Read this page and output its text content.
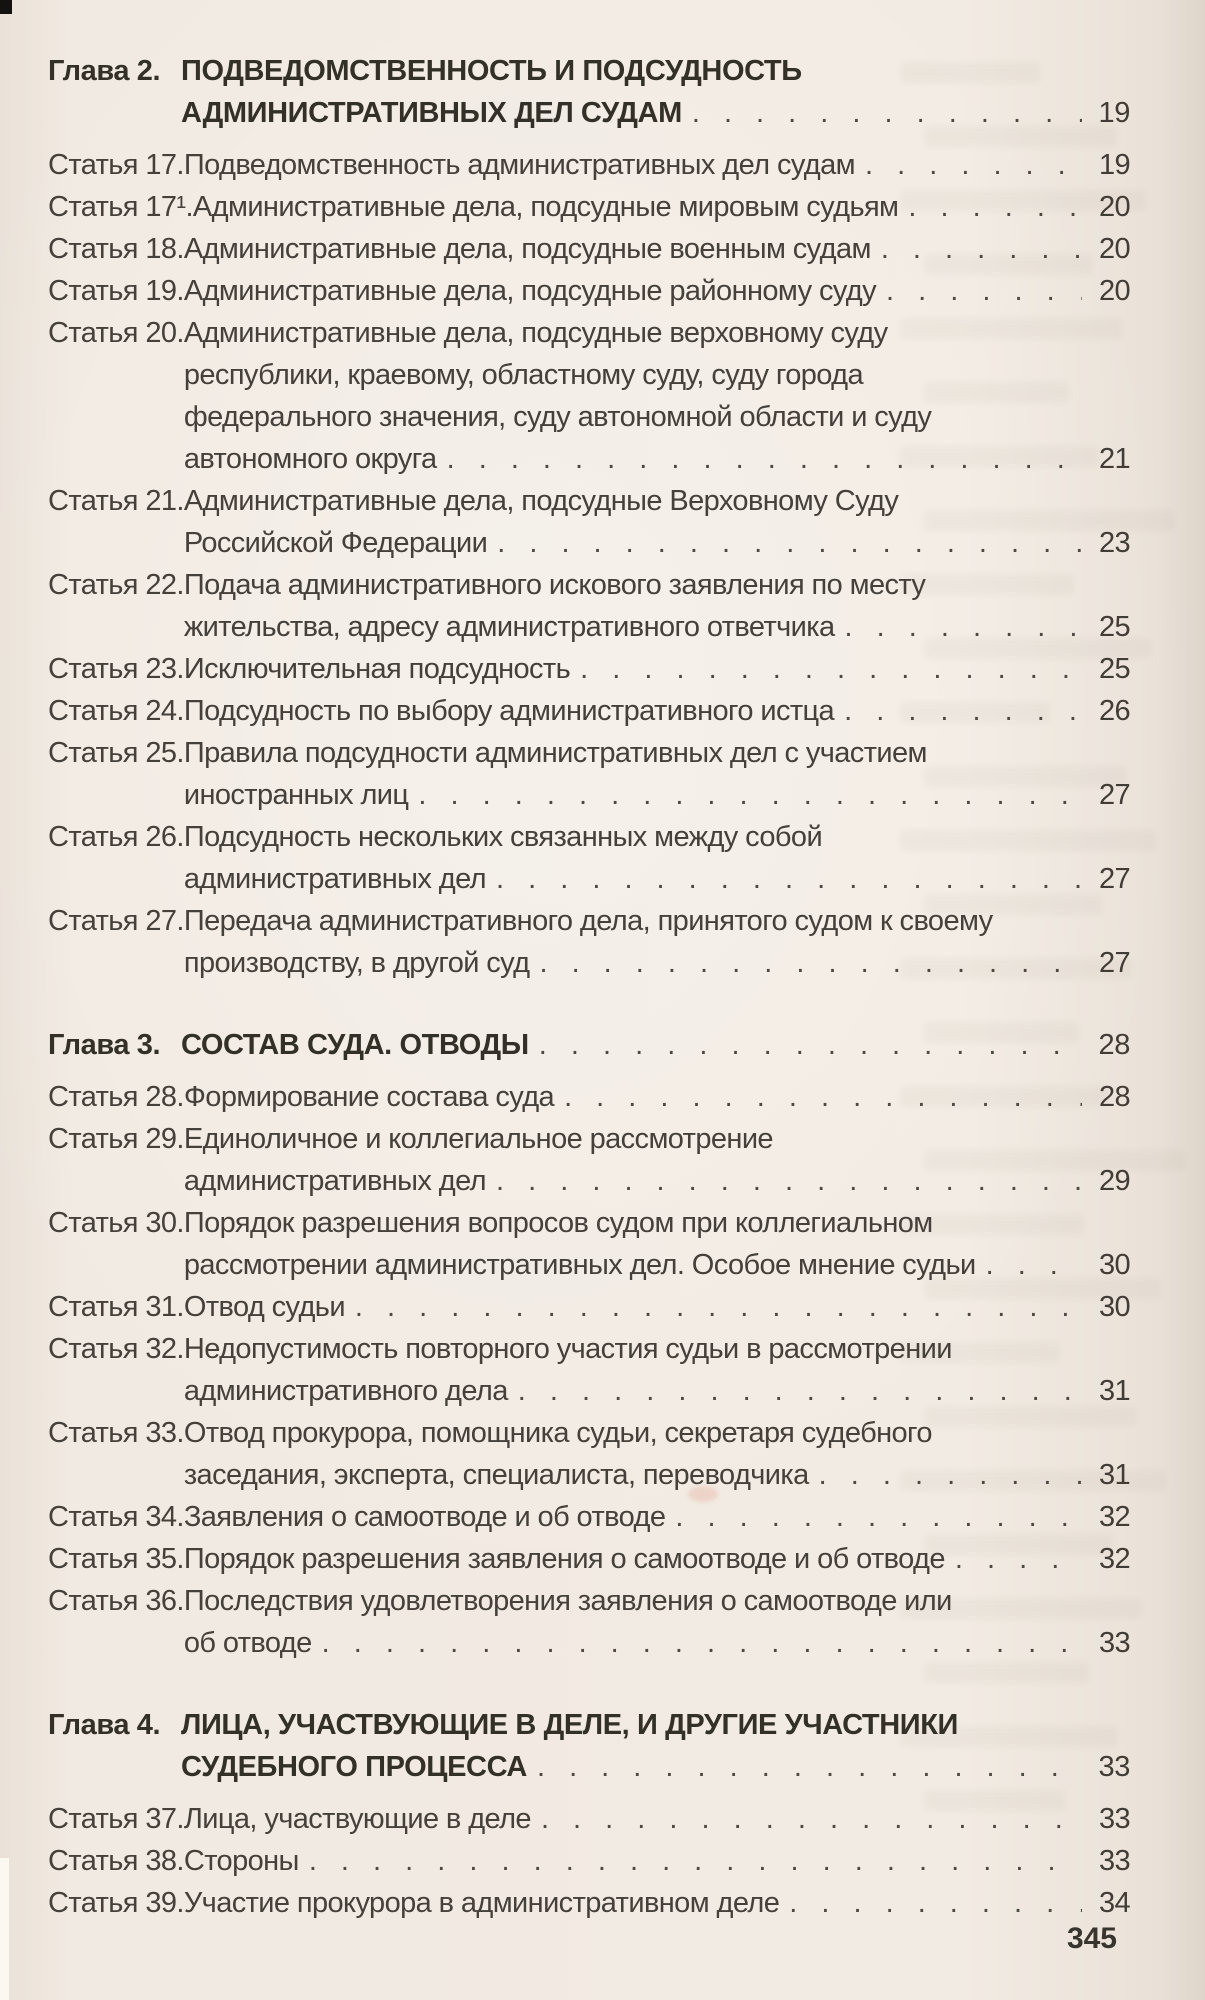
Глава 2. ПОДВЕДОМСТВЕННОСТЬ И ПОДСУДНОСТЬ
АДМИНИСТРАТИВНЫХ ДЕЛ СУДАМ . . .	19
Статья 17. Подведомственность административных дел судам . . .	19
Статья 17¹. Административные дела, подсудные мировым судьям . . .	20
Статья 18. Административные дела, подсудные военным судам . . .	20
Статья 19. Административные дела, подсудные районному суду . . .	20
Статья 20. Административные дела, подсудные верховному суду
республики, краевому, областному суду, суду города
федерального значения, суду автономной области и суду
автономного округа . . .	21
Статья 21. Административные дела, подсудные Верховному Суду
Российской Федерации . . .	23
Статья 22. Подача административного искового заявления по месту
жительства, адресу административного ответчика . . .	25
Статья 23. Исключительная подсудность . . .	25
Статья 24. Подсудность по выбору административного истца . . .	26
Статья 25. Правила подсудности административных дел с участием
иностранных лиц . . .	27
Статья 26. Подсудность нескольких связанных между собой
административных дел . . .	27
Статья 27. Передача административного дела, принятого судом к своему
производству, в другой суд . . .	27
Глава 3. СОСТАВ СУДА. ОТВОДЫ . . .	28
Статья 28. Формирование состава суда . . .	28
Статья 29. Единоличное и коллегиальное рассмотрение
административных дел . . .	29
Статья 30. Порядок разрешения вопросов судом при коллегиальном
рассмотрении административных дел. Особое мнение судьи . . .	30
Статья 31. Отвод судьи . . .	30
Статья 32. Недопустимость повторного участия судьи в рассмотрении
административного дела . . .	31
Статья 33. Отвод прокурора, помощника судьи, секретаря судебного
заседания, эксперта, специалиста, переводчика . . .	31
Статья 34. Заявления о самоотводе и об отводе . . .	32
Статья 35. Порядок разрешения заявления о самоотводе и об отводе . . .	32
Статья 36. Последствия удовлетворения заявления о самоотводе или
об отводе . . .	33
Глава 4. ЛИЦА, УЧАСТВУЮЩИЕ В ДЕЛЕ, И ДРУГИЕ УЧАСТНИКИ
СУДЕБНОГО ПРОЦЕССА . . .	33
Статья 37. Лица, участвующие в деле . . .	33
Статья 38. Стороны . . .	33
Статья 39. Участие прокурора в административном деле . . .	34
345
